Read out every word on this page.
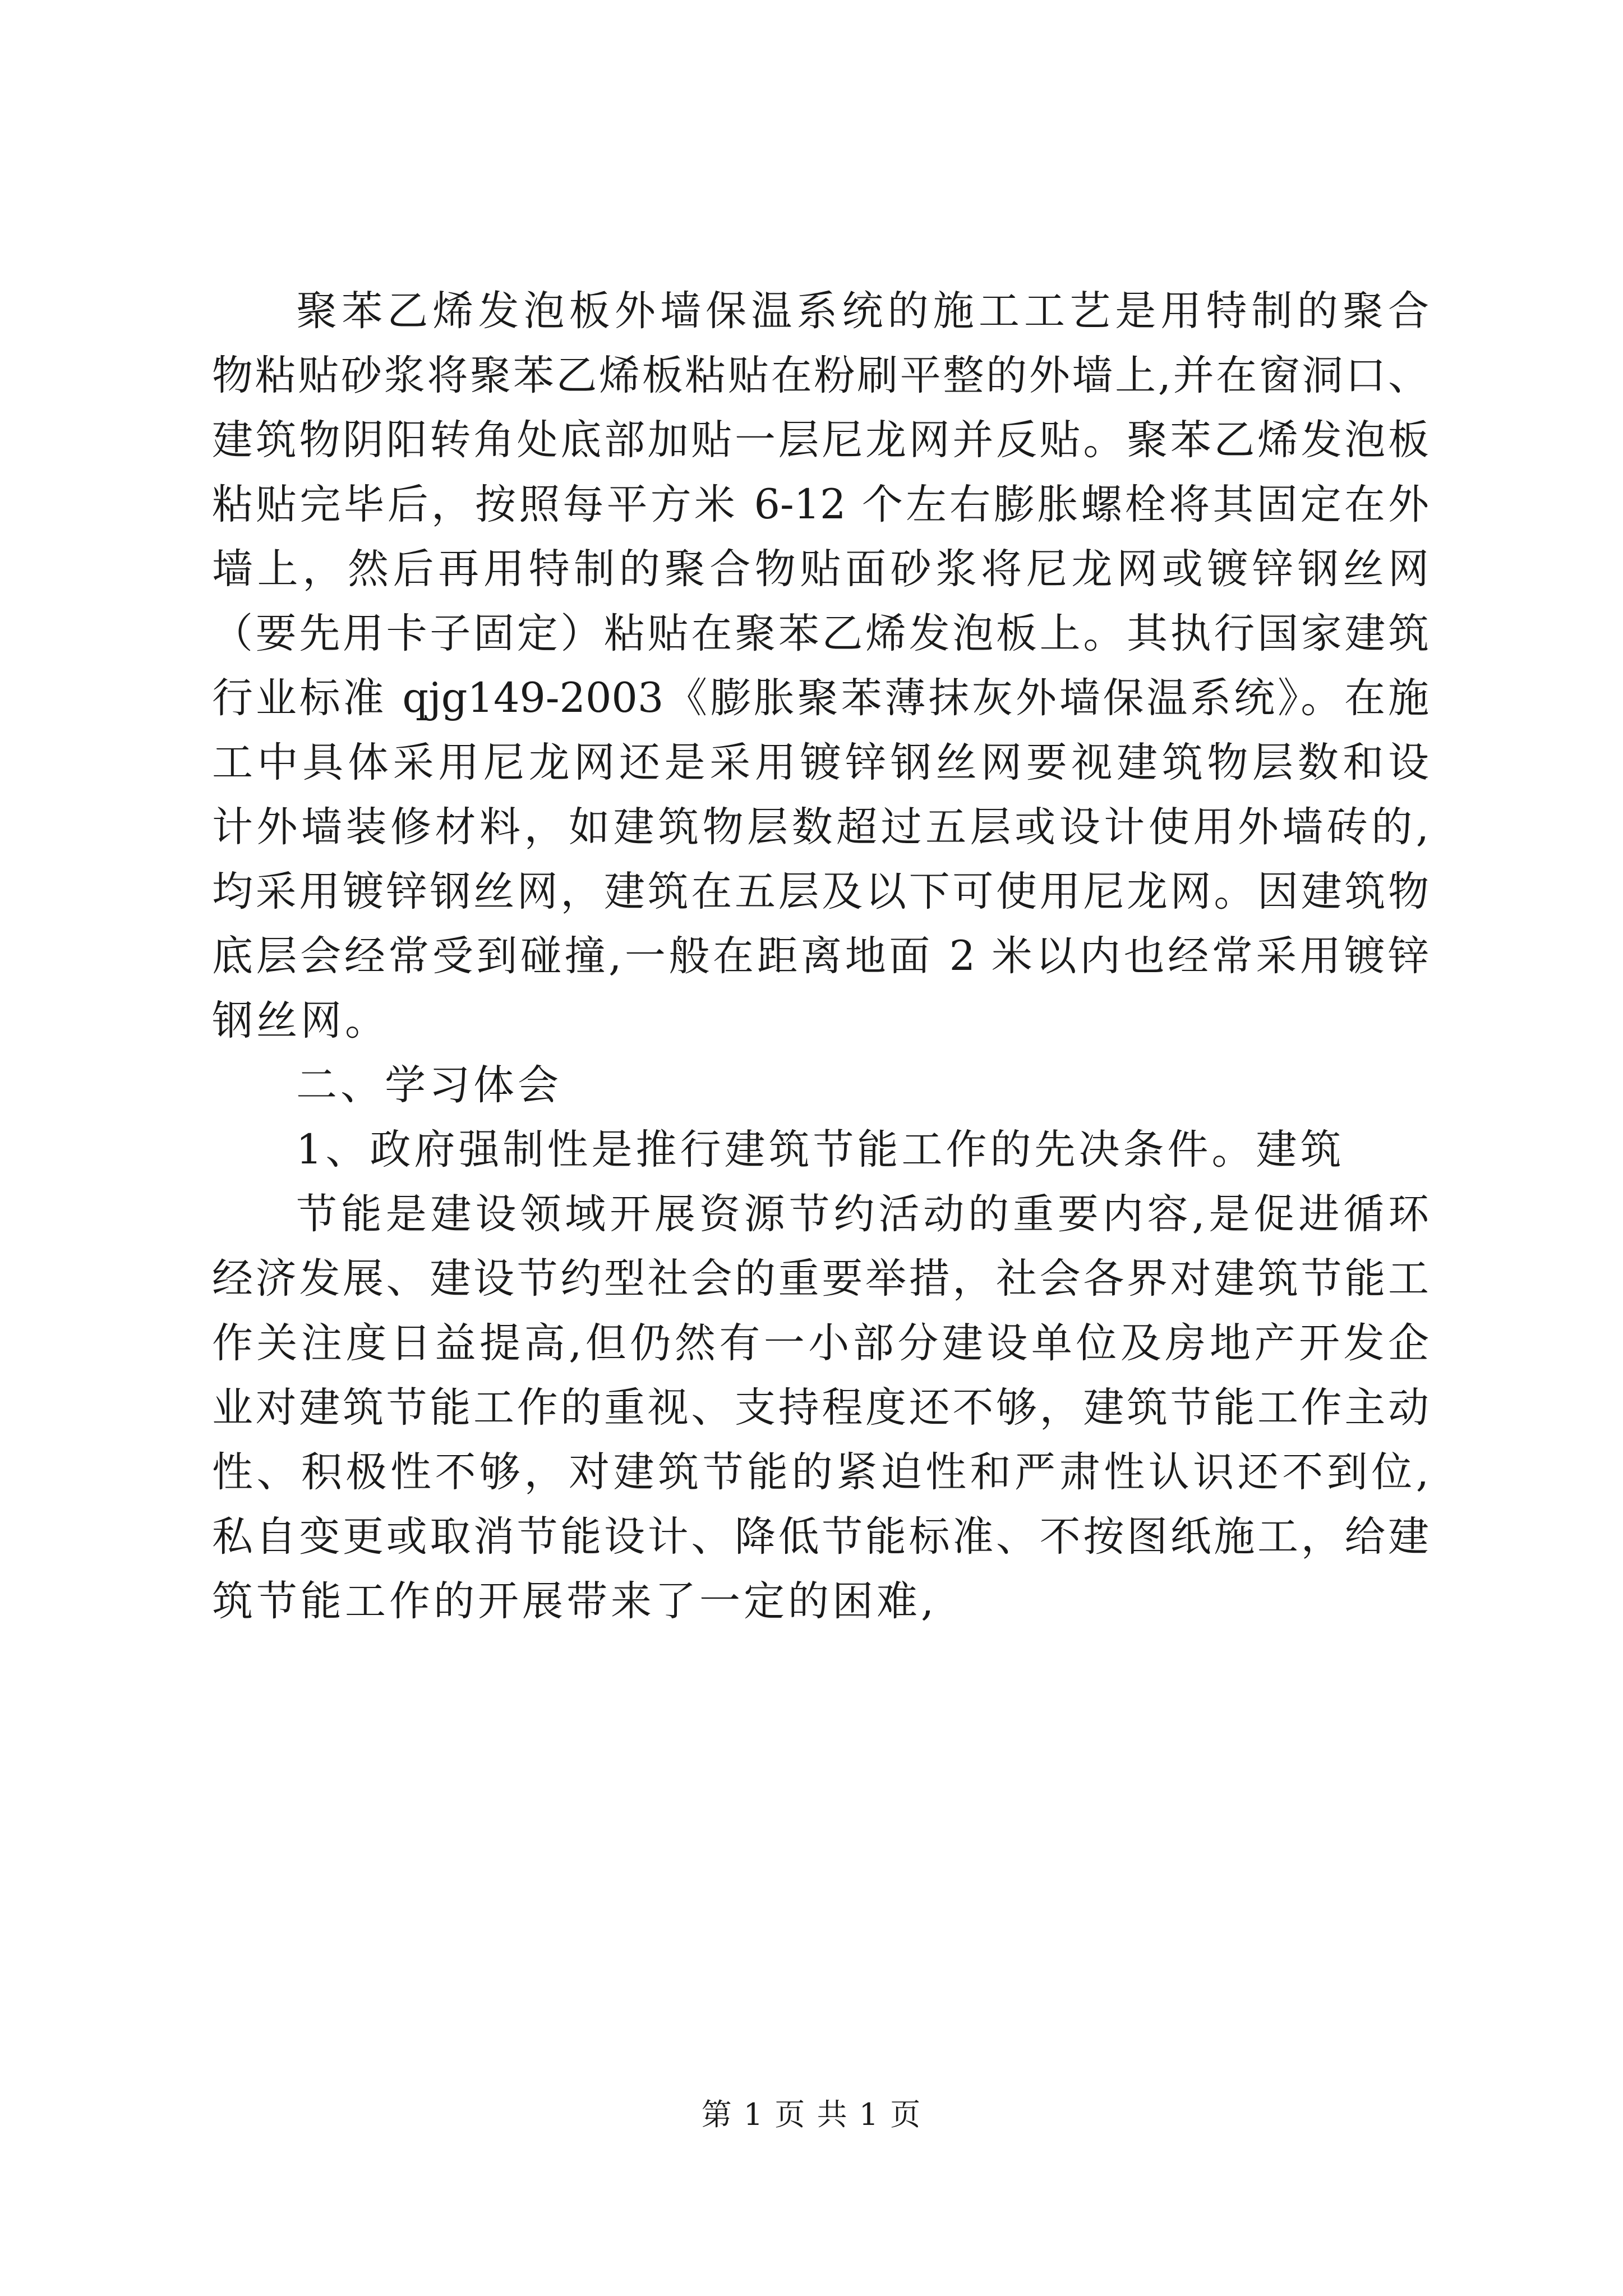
聚苯乙烯发泡板外墙保温系统的施工工艺是用特制的聚合
物粘贴砂浆将聚苯乙烯板粘贴在粉刷平整的外墙上,并在窗洞口、
建筑物阴阳转角处底部加贴一层尼龙网并反贴。聚苯乙烯发泡板
粘贴完毕后，按照每平方米 6-12 个左右膨胀螺栓将其固定在外
墙上，然后再用特制的聚合物贴面砂浆将尼龙网或镀锌钢丝网
（要先用卡子固定）粘贴在聚苯乙烯发泡板上。其执行国家建筑
行业标准 qjg149-2003《膨胀聚苯薄抹灰外墙保温系统》。在施
工中具体采用尼龙网还是采用镀锌钢丝网要视建筑物层数和设
计外墙装修材料，如建筑物层数超过五层或设计使用外墙砖的,
均采用镀锌钢丝网，建筑在五层及以下可使用尼龙网。因建筑物
底层会经常受到碰撞,一般在距离地面 2 米以内也经常采用镀锌
钢丝网。
二、学习体会
1、政府强制性是推行建筑节能工作的先决条件。建筑
节能是建设领域开展资源节约活动的重要内容,是促进循环
经济发展、建设节约型社会的重要举措，社会各界对建筑节能工
作关注度日益提高,但仍然有一小部分建设单位及房地产开发企
业对建筑节能工作的重视、支持程度还不够，建筑节能工作主动
性、积极性不够，对建筑节能的紧迫性和严肃性认识还不到位,
私自变更或取消节能设计、降低节能标准、不按图纸施工，给建
筑节能工作的开展带来了一定的困难,
第 1 页 共 1 页
